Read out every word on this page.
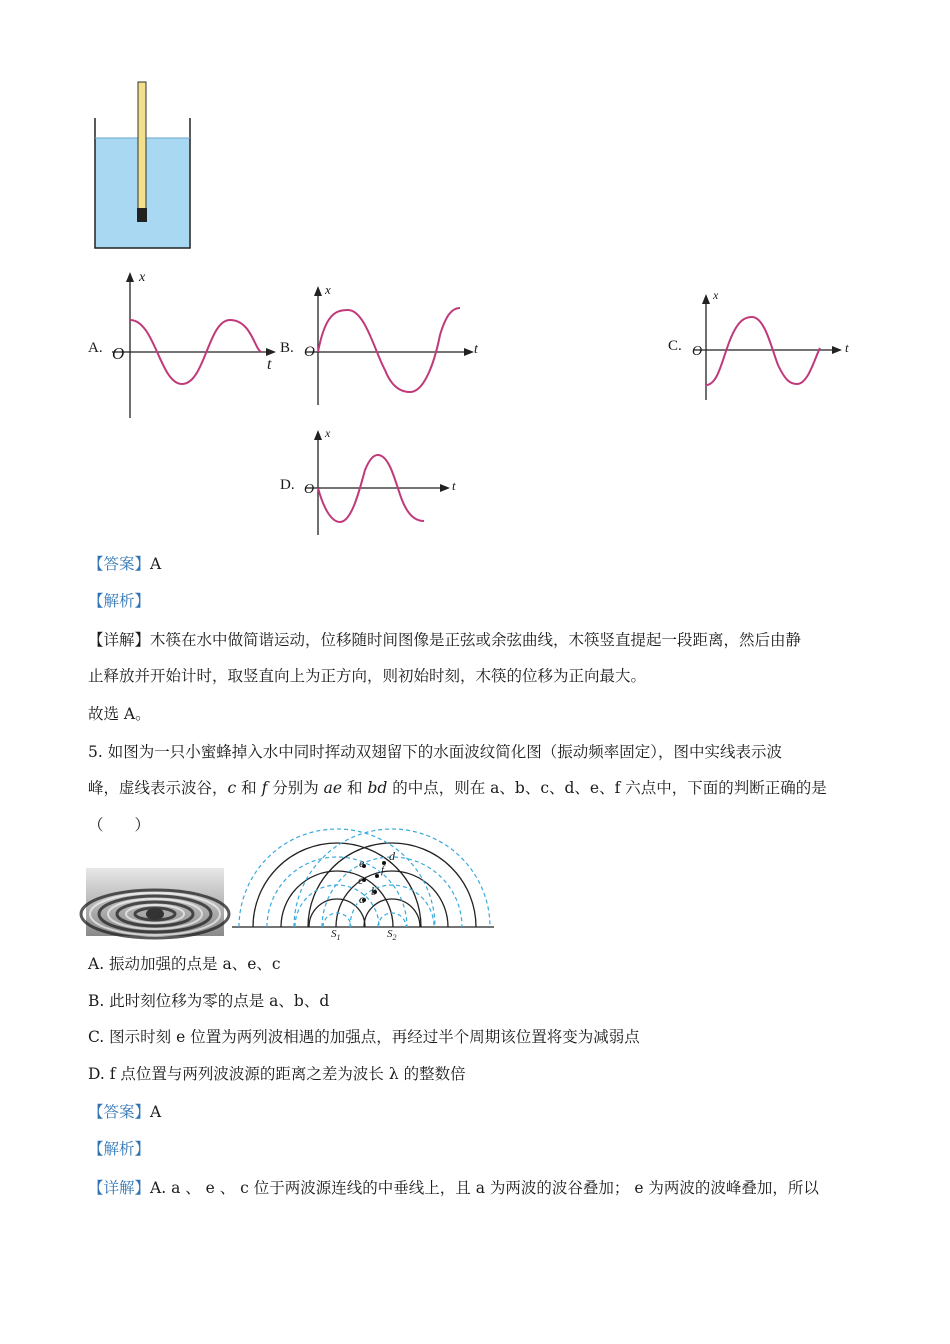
A. O
x
t
B. O
x
t	C. O
x
t
D. O
x
t
【答案】A
【解析】
【详解】木筷在水中做简谐运动，位移随时间图像是正弦或余弦曲线，木筷竖直提起一段距离，然后由静
止释放并开始计时，取竖直向上为正方向，则初始时刻，木筷的位移为正向最大。
故选 A。
5. 如图为一只小蜜蜂掉入水中同时挥动双翅留下的水面波纹简化图（振动频率固定），图中实线表示波
峰，虚线表示波谷，c 和 f 分别为 ae 和 bd 的中点，则在 a、b、c、d、e、f 六点中，下面的判断正确的是
（　　）
a
b
c
d
e f
$S_1$	$S_2$
A. 振动加强的点是 a、e、c
B. 此时刻位移为零的点是 a、b、d
C. 图示时刻 e 位置为两列波相遇的加强点，再经过半个周期该位置将变为减弱点
D. f 点位置与两列波波源的距离之差为波长 λ 的整数倍
【答案】A
【解析】
【详解】A. a 、 e 、 c 位于两波源连线的中垂线上，且 a 为两波的波谷叠加； e 为两波的波峰叠加，所以
